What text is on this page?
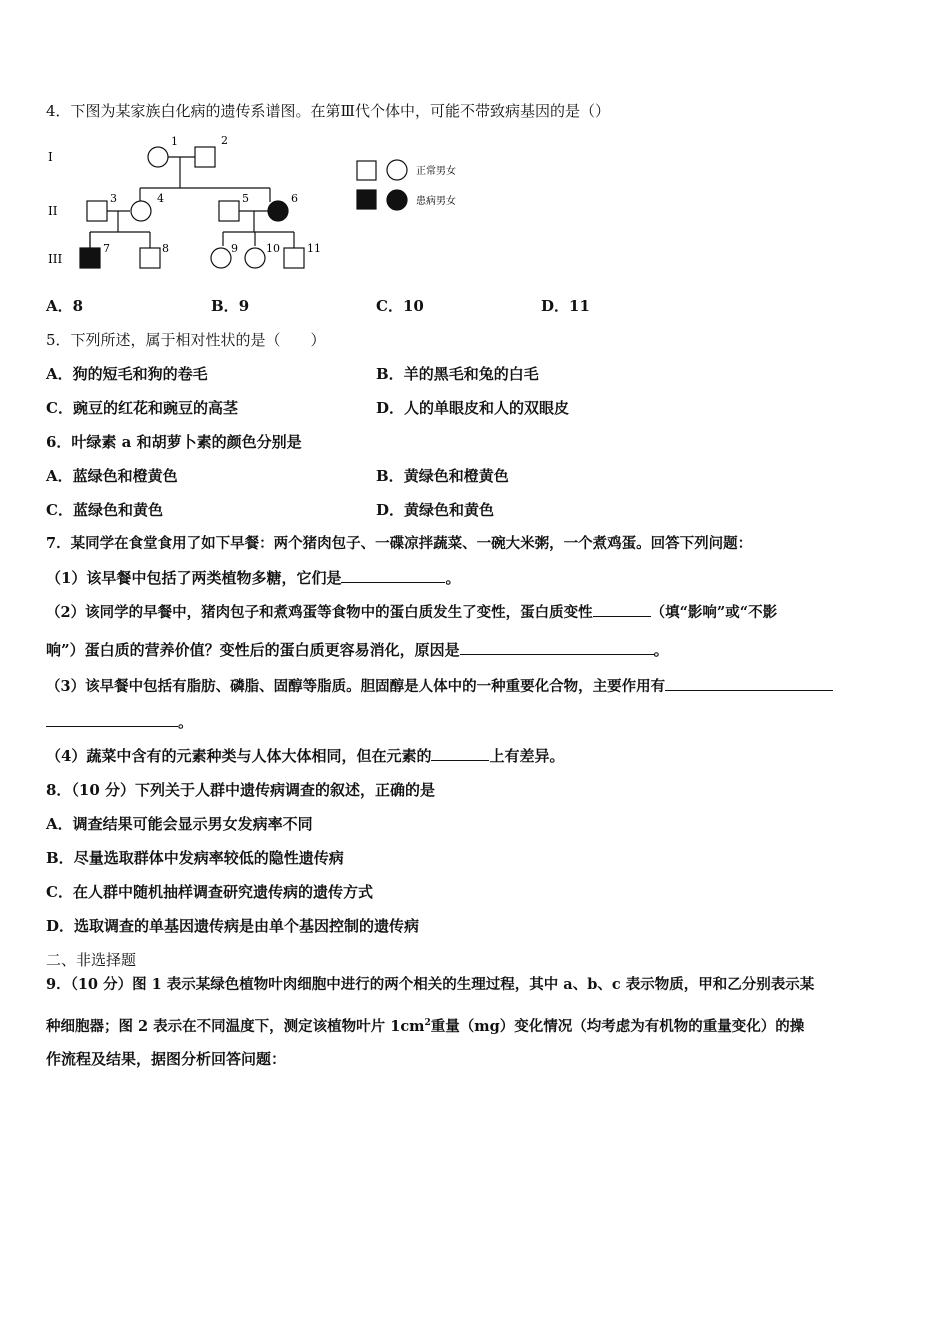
4．下图为某家族白化病的遗传系谱图。在第Ⅲ代个体中，可能不带致病基因的是（）
I
II
III
1	2
3	4	5	6
7	8	9	10 11
正常男女
患病男女
A．8	B．9	C．10	D．11
5．下列所述，属于相对性状的是（　　）
A．狗的短毛和狗的卷毛	B．羊的黑毛和兔的白毛
C．豌豆的红花和豌豆的高茎	D．人的单眼皮和人的双眼皮
6．叶绿素 a 和胡萝卜素的颜色分别是
A．蓝绿色和橙黄色	B．黄绿色和橙黄色
C．蓝绿色和黄色	D．黄绿色和黄色
7．某同学在食堂食用了如下早餐：两个猪肉包子、一碟凉拌蔬菜、一碗大米粥，一个煮鸡蛋。回答下列问题：
（1）该早餐中包括了两类植物多糖，它们是	。
（2）该同学的早餐中，猪肉包子和煮鸡蛋等食物中的蛋白质发生了变性，蛋白质变性	（填“影响”或“不影
响”）蛋白质的营养价值？变性后的蛋白质更容易消化，原因是	。
（3）该早餐中包括有脂肪、磷脂、固醇等脂质。胆固醇是人体中的一种重要化合物，主要作用有
。
（4）蔬菜中含有的元素种类与人体大体相同，但在元素的	上有差异。
8．（10 分）下列关于人群中遗传病调查的叙述，正确的是
A．调查结果可能会显示男女发病率不同
B．尽量选取群体中发病率较低的隐性遗传病
C．在人群中随机抽样调查研究遗传病的遗传方式
D．选取调查的单基因遗传病是由单个基因控制的遗传病
二、非选择题
9．（10 分）图 1 表示某绿色植物叶肉细胞中进行的两个相关的生理过程，其中 a、b、c 表示物质，甲和乙分别表示某
种细胞器；图 2 表示在不同温度下，测定该植物叶片 $1cm^2$重量（mg）变化情况（均考虑为有机物的重量变化）的操
作流程及结果，据图分析回答问题：
